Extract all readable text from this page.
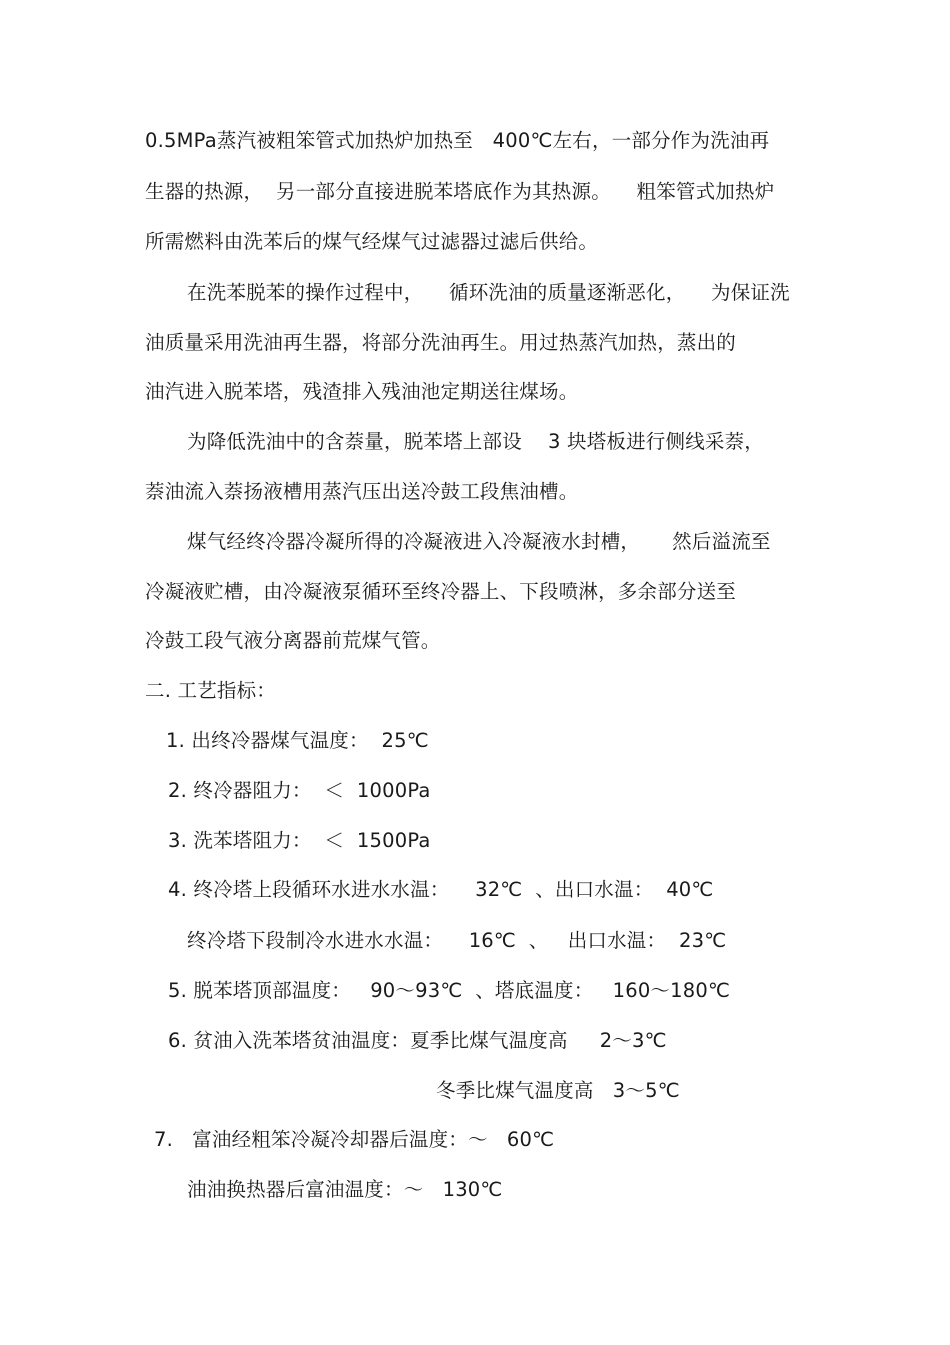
0.5MPa蒸汽被粗笨管式加热炉加热至　400℃左右，一部分作为洗油再
生器的热源，  另一部分直接进脱苯塔底作为其热源。    粗笨管式加热炉
所需燃料由洗苯后的煤气经煤气过滤器过滤后供给。
在洗苯脱苯的操作过程中，    循环洗油的质量逐渐恶化，    为保证洗
油质量采用洗油再生器，将部分洗油再生。用过热蒸汽加热，蒸出的
油汽进入脱苯塔，残渣排入残油池定期送往煤场。
为降低洗油中的含萘量，脱苯塔上部设　 3 块塔板进行侧线采萘，
萘油流入萘扬液槽用蒸汽压出送冷鼓工段焦油槽。
煤气经终冷器冷凝所得的冷凝液进入冷凝液水封槽，     然后溢流至
冷凝液贮槽，由冷凝液泵循环至终冷器上、下段喷淋，多余部分送至
冷鼓工段气液分离器前荒煤气管。
二. 工艺指标：
1. 出终冷器煤气温度：  25℃
2. 终冷器阻力：  ＜  1000Pa
3. 洗苯塔阻力：  ＜  1500Pa
4. 终冷塔上段循环水进水水温：    32℃  、出口水温：  40℃
终冷塔下段制冷水进水水温：    16℃  、   出口水温：  23℃
5. 脱苯塔顶部温度：   90～93℃  、塔底温度：   160～180℃
6. 贫油入洗苯塔贫油温度：夏季比煤气温度高     2～3℃
冬季比煤气温度高   3～5℃
7.   富油经粗笨冷凝冷却器后温度：～   60℃
油油换热器后富油温度：～   130℃
